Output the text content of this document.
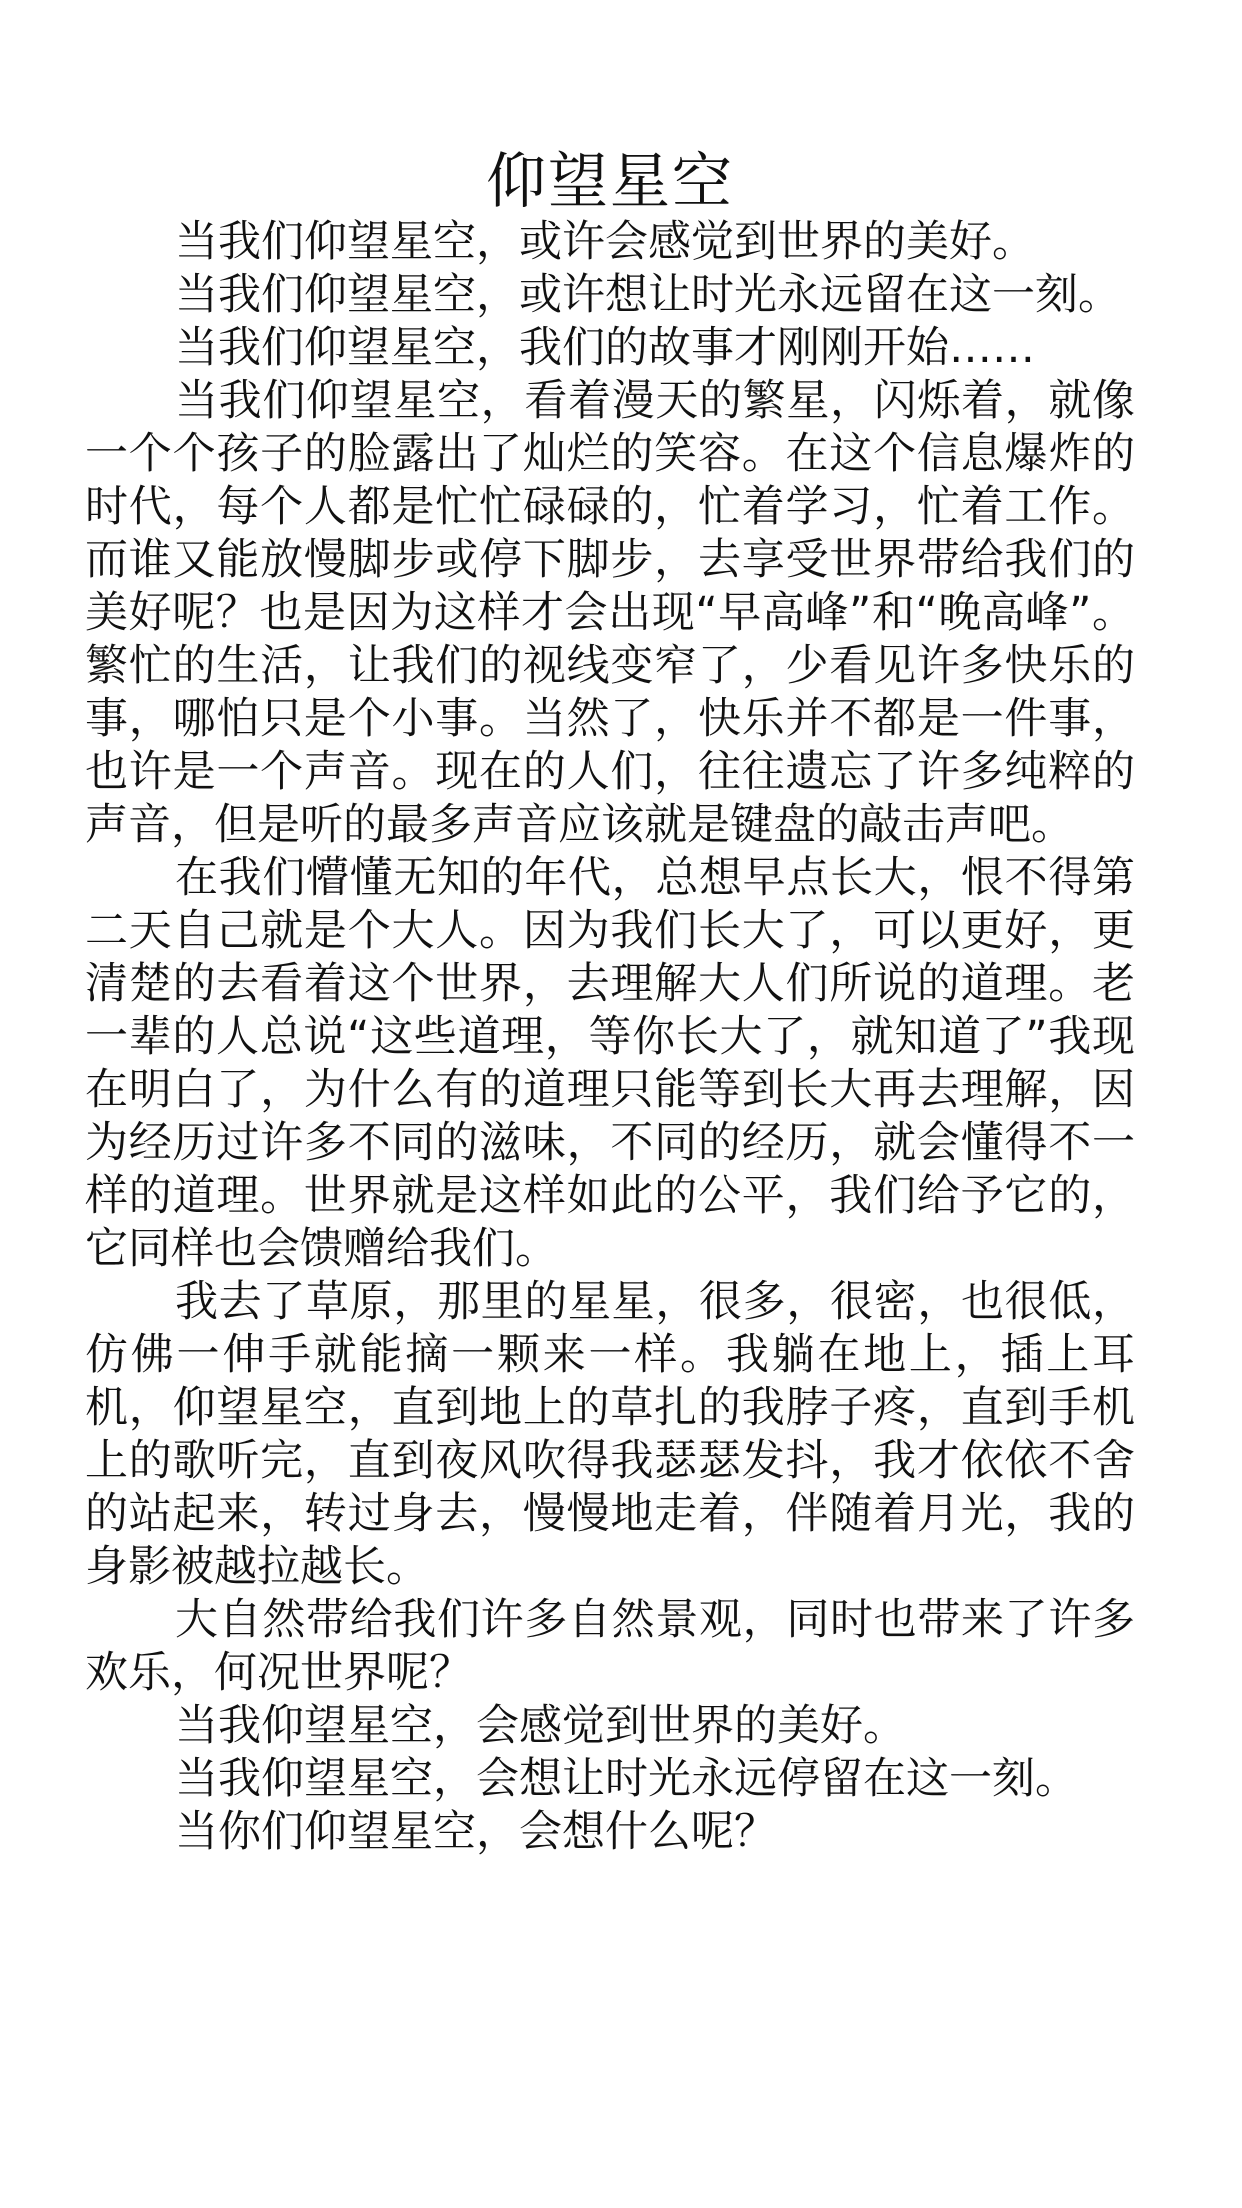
仰望星空

当我们仰望星空，或许会感觉到世界的美好。

当我们仰望星空，或许想让时光永远留在这一刻。

当我们仰望星空，我们的故事才刚刚开始……

当我们仰望星空，看着漫天的繁星，闪烁着，就像一个个孩子的脸露出了灿烂的笑容。在这个信息爆炸的时代，每个人都是忙忙碌碌的，忙着学习，忙着工作。而谁又能放慢脚步或停下脚步，去享受世界带给我们的美好呢？也是因为这样才会出现“早高峰”和“晚高峰”。繁忙的生活，让我们的视线变窄了，少看见许多快乐的事，哪怕只是个小事。当然了，快乐并不都是一件事，也许是一个声音。现在的人们，往往遗忘了许多纯粹的声音，但是听的最多声音应该就是键盘的敲击声吧。

在我们懵懂无知的年代，总想早点长大，恨不得第二天自己就是个大人。因为我们长大了，可以更好，更清楚的去看着这个世界，去理解大人们所说的道理。老一辈的人总说“这些道理，等你长大了，就知道了”我现在明白了，为什么有的道理只能等到长大再去理解，因为经历过许多不同的滋味，不同的经历，就会懂得不一样的道理。世界就是这样如此的公平，我们给予它的，它同样也会馈赠给我们。

我去了草原，那里的星星，很多，很密，也很低，仿佛一伸手就能摘一颗来一样。我躺在地上，插上耳机，仰望星空，直到地上的草扎的我脖子疼，直到手机上的歌听完，直到夜风吹得我瑟瑟发抖，我才依依不舍的站起来，转过身去，慢慢地走着，伴随着月光，我的身影被越拉越长。

大自然带给我们许多自然景观，同时也带来了许多欢乐，何况世界呢？

当我仰望星空，会感觉到世界的美好。

当我仰望星空，会想让时光永远停留在这一刻。

当你们仰望星空，会想什么呢？
